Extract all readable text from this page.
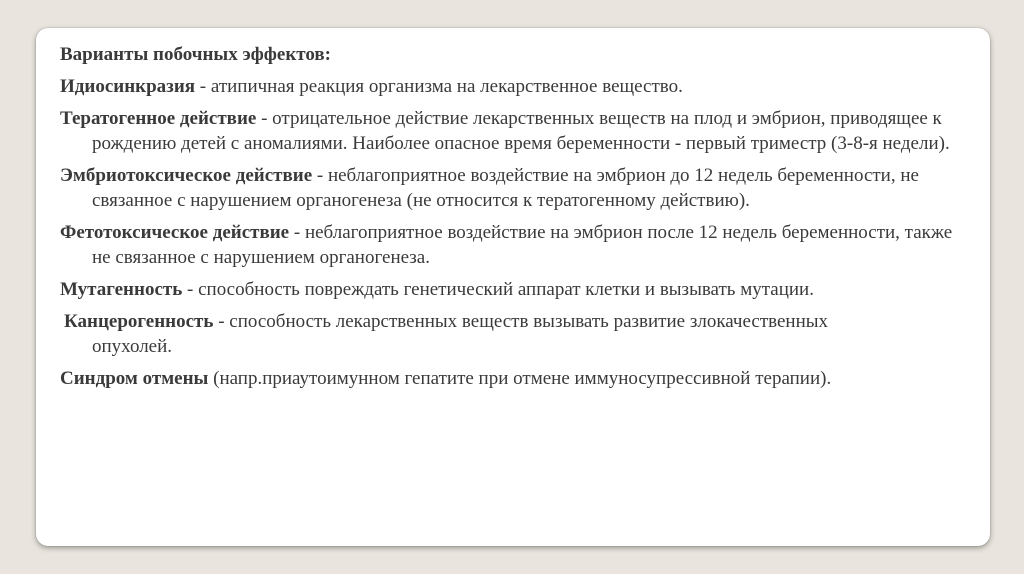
Варианты побочных эффектов:
Идиосинкразия - атипичная реакция организма на лекарственное вещество.
Тератогенное действие - отрицательное действие лекарственных веществ на плод и эмбрион, приводящее к рождению детей с аномалиями. Наиболее опасное время беременности - первый триместр (3-8-я недели).
Эмбриотоксическое действие - неблагоприятное воздействие на эмбрион до 12 недель беременности, не связанное с нарушением органогенеза (не относится к тератогенному действию).
Фетотоксическое действие - неблагоприятное воздействие на эмбрион после 12 недель беременности, также не связанное с нарушением органогенеза.
Мутагенность - способность повреждать генетический аппарат клетки и вызывать мутации.
Канцерогенность - способность лекарственных веществ вызывать развитие злокачественных опухолей.
Синдром отмены (напр.приаутоимунном гепатите при отмене иммуносупрессивной терапии).
